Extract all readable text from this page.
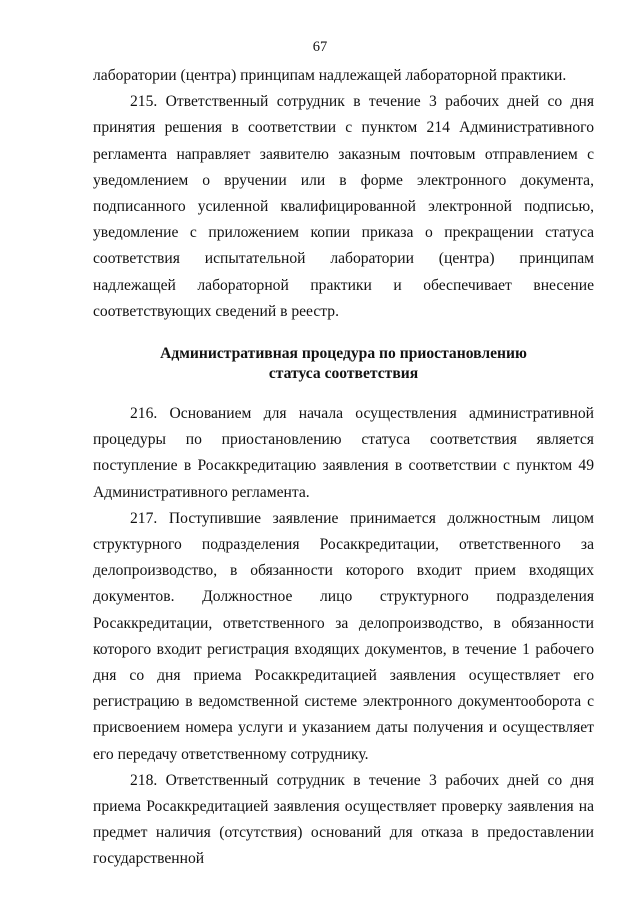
67

лаборатории (центра) принципам надлежащей лабораторной практики.

215. Ответственный сотрудник в течение 3 рабочих дней со дня принятия решения в соответствии с пунктом 214 Административного регламента направляет заявителю заказным почтовым отправлением с уведомлением о вручении или в форме электронного документа, подписанного усиленной квалифицированной электронной подписью, уведомление с приложением копии приказа о прекращении статуса соответствия испытательной лаборатории (центра) принципам надлежащей лабораторной практики и обеспечивает внесение соответствующих сведений в реестр.

Административная процедура по приостановлению
статуса соответствия

216. Основанием для начала осуществления административной процедуры по приостановлению статуса соответствия является поступление в Росаккредитацию заявления в соответствии с пунктом 49 Административного регламента.

217. Поступившие заявление принимается должностным лицом структурного подразделения Росаккредитации, ответственного за делопроизводство, в обязанности которого входит прием входящих документов. Должностное лицо структурного подразделения Росаккредитации, ответственного за делопроизводство, в обязанности которого входит регистрация входящих документов, в течение 1 рабочего дня со дня приема Росаккредитацией заявления осуществляет его регистрацию в ведомственной системе электронного документооборота с присвоением номера услуги и указанием даты получения и осуществляет его передачу ответственному сотруднику.

218. Ответственный сотрудник в течение 3 рабочих дней со дня приема Росаккредитацией заявления осуществляет проверку заявления на предмет наличия (отсутствия) оснований для отказа в предоставлении государственной
